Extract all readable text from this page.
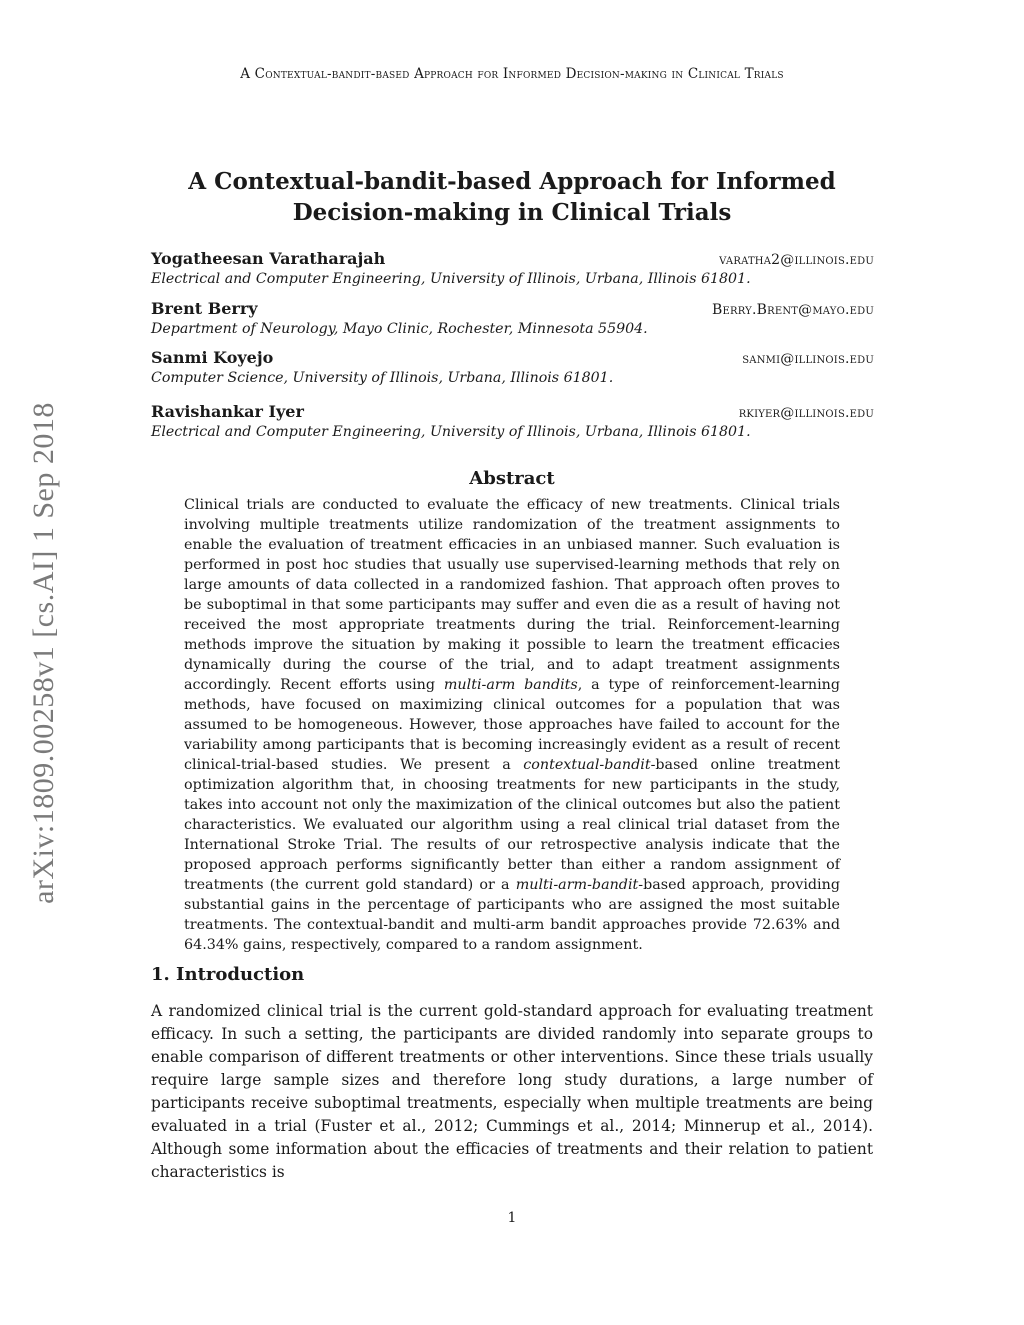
A Contextual-bandit-based Approach for Informed Decision-making in Clinical Trials
arXiv:1809.00258v1 [cs.AI] 1 Sep 2018
A Contextual-bandit-based Approach for Informed
Decision-making in Clinical Trials
Yogatheesan Varatharajah	varatha2@illinois.edu
Electrical and Computer Engineering, University of Illinois, Urbana, Illinois 61801.
Brent Berry	Berry.Brent@mayo.edu
Department of Neurology, Mayo Clinic, Rochester, Minnesota 55904.
Sanmi Koyejo	sanmi@illinois.edu
Computer Science, University of Illinois, Urbana, Illinois 61801.
Ravishankar Iyer	rkiyer@illinois.edu
Electrical and Computer Engineering, University of Illinois, Urbana, Illinois 61801.
Abstract
Clinical trials are conducted to evaluate the efficacy of new treatments. Clinical trials involving multiple treatments utilize randomization of the treatment assignments to enable the evaluation of treatment efficacies in an unbiased manner. Such evaluation is performed in post hoc studies that usually use supervised-learning methods that rely on large amounts of data collected in a randomized fashion. That approach often proves to be suboptimal in that some participants may suffer and even die as a result of having not received the most appropriate treatments during the trial. Reinforcement-learning methods improve the situation by making it possible to learn the treatment efficacies dynamically during the course of the trial, and to adapt treatment assignments accordingly. Recent efforts using multi-arm bandits, a type of reinforcement-learning methods, have focused on maximizing clinical outcomes for a population that was assumed to be homogeneous. However, those approaches have failed to account for the variability among participants that is becoming increasingly evident as a result of recent clinical-trial-based studies. We present a contextual-bandit-based online treatment optimization algorithm that, in choosing treatments for new participants in the study, takes into account not only the maximization of the clinical outcomes but also the patient characteristics. We evaluated our algorithm using a real clinical trial dataset from the International Stroke Trial. The results of our retrospective analysis indicate that the proposed approach performs significantly better than either a random assignment of treatments (the current gold standard) or a multi-arm-bandit-based approach, providing substantial gains in the percentage of participants who are assigned the most suitable treatments. The contextual-bandit and multi-arm bandit approaches provide 72.63% and 64.34% gains, respectively, compared to a random assignment.
1. Introduction
A randomized clinical trial is the current gold-standard approach for evaluating treatment efficacy. In such a setting, the participants are divided randomly into separate groups to enable comparison of different treatments or other interventions. Since these trials usually require large sample sizes and therefore long study durations, a large number of participants receive suboptimal treatments, especially when multiple treatments are being evaluated in a trial (Fuster et al., 2012; Cummings et al., 2014; Minnerup et al., 2014). Although some information about the efficacies of treatments and their relation to patient characteristics is
1
